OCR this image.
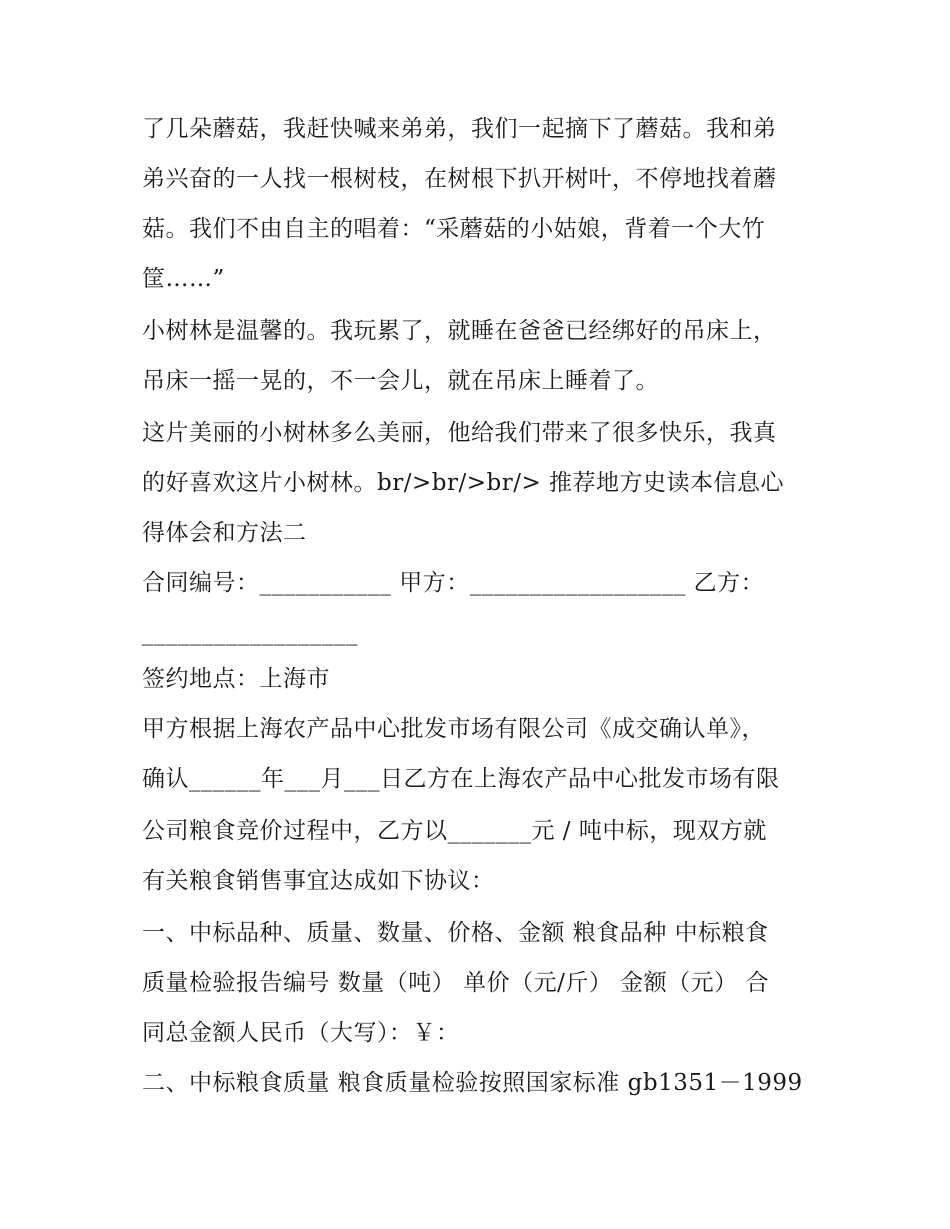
了几朵蘑菇，我赶快喊来弟弟，我们一起摘下了蘑菇。我和弟
弟兴奋的一人找一根树枝，在树根下扒开树叶，不停地找着蘑
菇。我们不由自主的唱着：“采蘑菇的小姑娘，背着一个大竹
筐……”
小树林是温馨的。我玩累了，就睡在爸爸已经绑好的吊床上，
吊床一摇一晃的，不一会儿，就在吊床上睡着了。
这片美丽的小树林多么美丽，他给我们带来了很多快乐，我真
的好喜欢这片小树林。br/>br/>br/> 推荐地方史读本信息心
得体会和方法二
合同编号：___________ 甲方：__________________ 乙方：
__________________
签约地点：上海市
甲方根据上海农产品中心批发市场有限公司《成交确认单》，
确认______年___月___日乙方在上海农产品中心批发市场有限
公司粮食竞价过程中，乙方以_______元 / 吨中标，现双方就
有关粮食销售事宜达成如下协议：
一、中标品种、质量、数量、价格、金额 粮食品种 中标粮食
质量检验报告编号 数量（吨） 单价（元/斤） 金额（元） 合
同总金额人民币（大写）：￥：
二、中标粮食质量 粮食质量检验按照国家标准 gb1351－1999
